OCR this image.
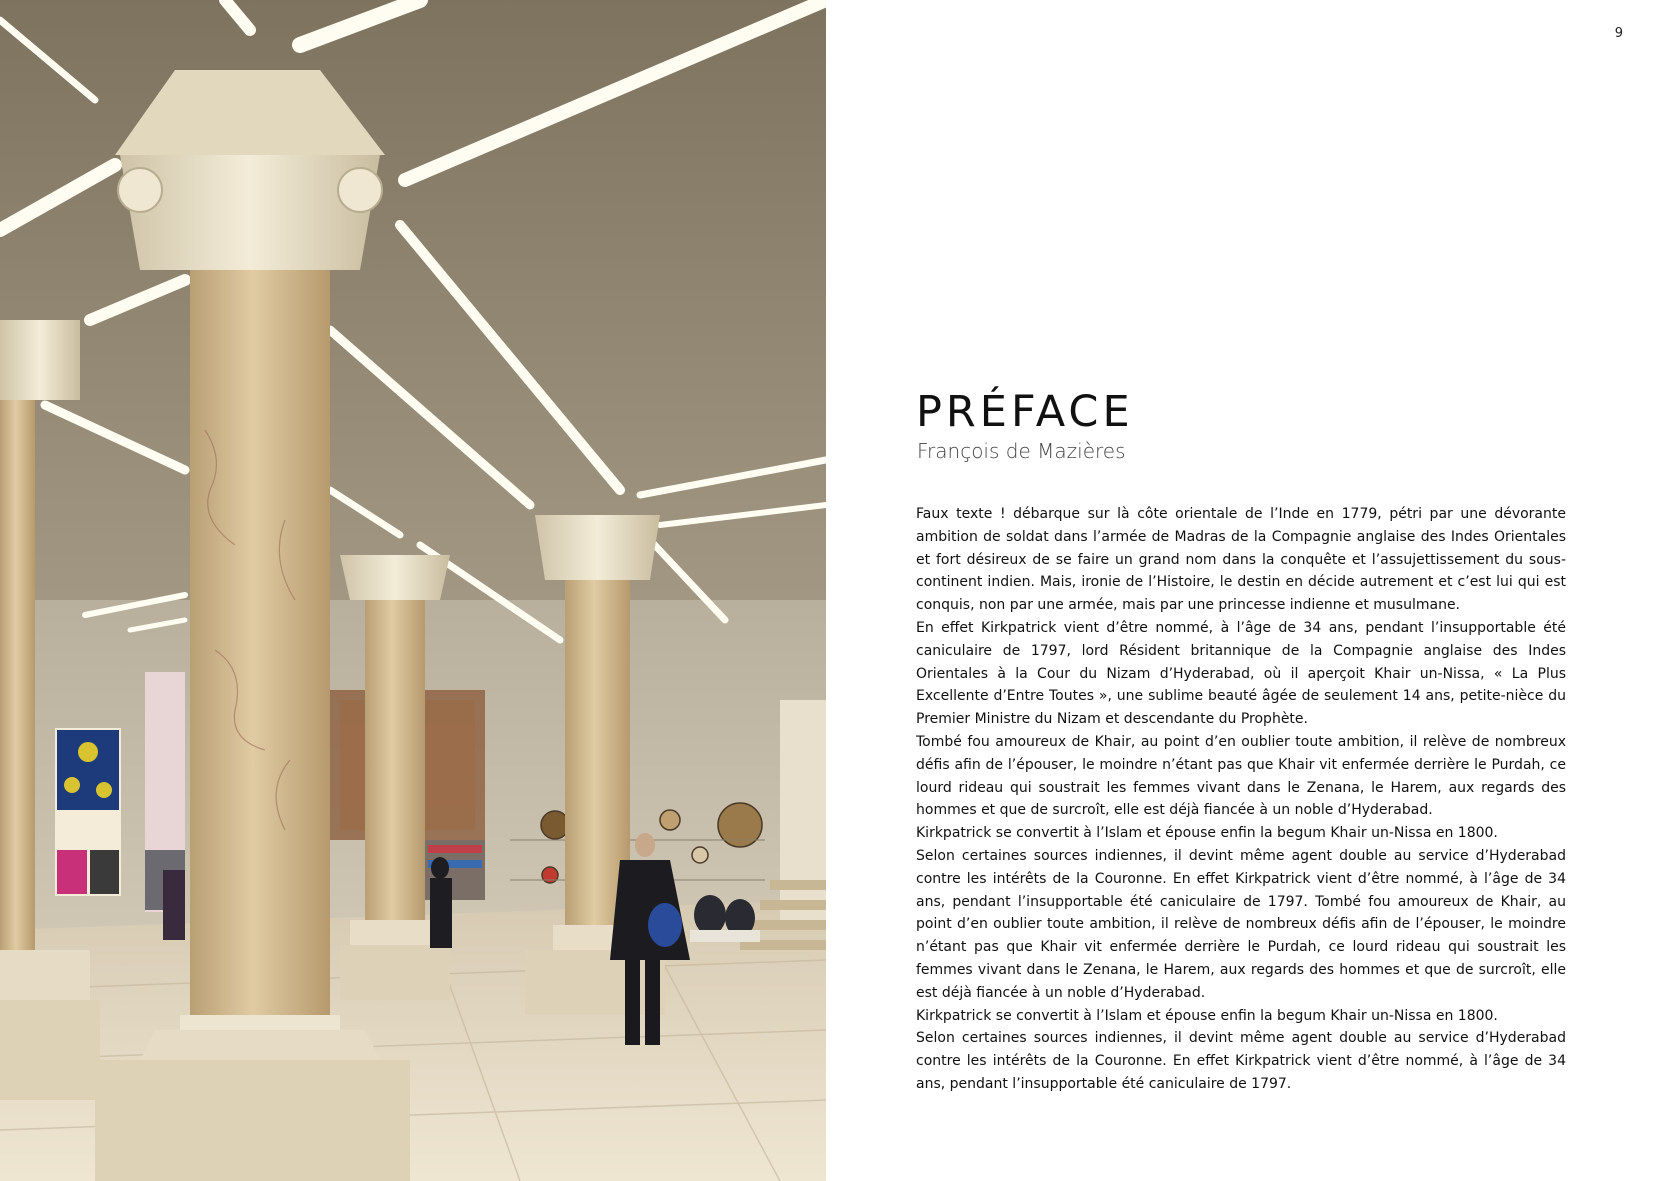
9
PRÉFACE
François de Mazières

Faux texte ! débarque sur là côte orientale de l’Inde en 1779, pétri par une dévorante ambition de soldat dans l’armée de Madras de la Compagnie anglaise des Indes Orientales et fort désireux de se faire un grand nom dans la conquête et l’assujettissement du sous-continent indien. Mais, ironie de l’Histoire, le destin en décide autrement et c’est lui qui est conquis, non par une armée, mais par une princesse indienne et musulmane.

En effet Kirkpatrick vient d’être nommé, à l’âge de 34 ans, pendant l’insupportable été caniculaire de 1797, lord Résident britannique de la Compagnie anglaise des Indes Orientales à la Cour du Nizam d’Hyderabad, où il aperçoit Khair un-Nissa, « La Plus Excellente d’Entre Toutes », une sublime beauté âgée de seulement 14 ans, petite-nièce du Premier Ministre du Nizam et descendante du Prophète.

Tombé fou amoureux de Khair, au point d’en oublier toute ambition, il relève de nombreux défis afin de l’épouser, le moindre n’étant pas que Khair vit enfermée derrière le Purdah, ce lourd rideau qui soustrait les femmes vivant dans le Zenana, le Harem, aux regards des hommes et que de surcroît, elle est déjà fiancée à un noble d’Hyderabad.

Kirkpatrick se convertit à l’Islam et épouse enfin la begum Khair un-Nissa en 1800.

Selon certaines sources indiennes, il devint même agent double au service d’Hyderabad contre les intérêts de la Couronne. En effet Kirkpatrick vient d’être nommé, à l’âge de 34 ans, pendant l’insupportable été caniculaire de 1797. Tombé fou amoureux de Khair, au point d’en oublier toute ambition, il relève de nombreux défis afin de l’épouser, le moindre n’étant pas que Khair vit enfermée derrière le Purdah, ce lourd rideau qui soustrait les femmes vivant dans le Zenana, le Harem, aux regards des hommes et que de surcroît, elle est déjà fiancée à un noble d’Hyderabad.

Kirkpatrick se convertit à l’Islam et épouse enfin la begum Khair un-Nissa en 1800.

Selon certaines sources indiennes, il devint même agent double au service d’Hyderabad contre les intérêts de la Couronne. En effet Kirkpatrick vient d’être nommé, à l’âge de 34 ans, pendant l’insupportable été caniculaire de 1797.
